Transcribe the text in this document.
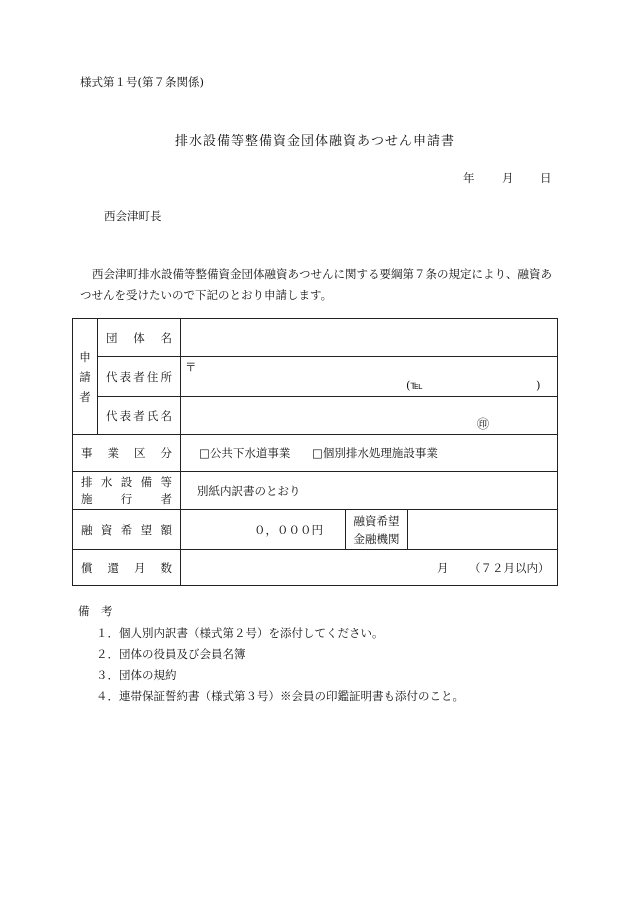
様式第１号(第７条関係)
排水設備等整備資金団体融資あつせん申請書
年 月 日
西会津町長
西会津町排水設備等整備資金団体融資あつせんに関する要綱第７条の規定により、融資あつせんを受けたいので下記のとおり申請します。
申
請
者	団　体　名			
	代表者住所	〒
(℡ )		

	代表者氏名	㊞		

事　業　区　分		□公共下水道事業 □個別排水処理施設事業		

排水設備等
施　行　者		別紙内訳書のとおり		
融資希望額		０，０００円	融資希望
金融機関	

償　還　月　数		月 （７２月以内）		
備　考
１．個人別内訳書（様式第２号）を添付してください。
２．団体の役員及び会員名簿
３．団体の規約
４．連帯保証誓約書（様式第３号）※会員の印鑑証明書も添付のこと。
